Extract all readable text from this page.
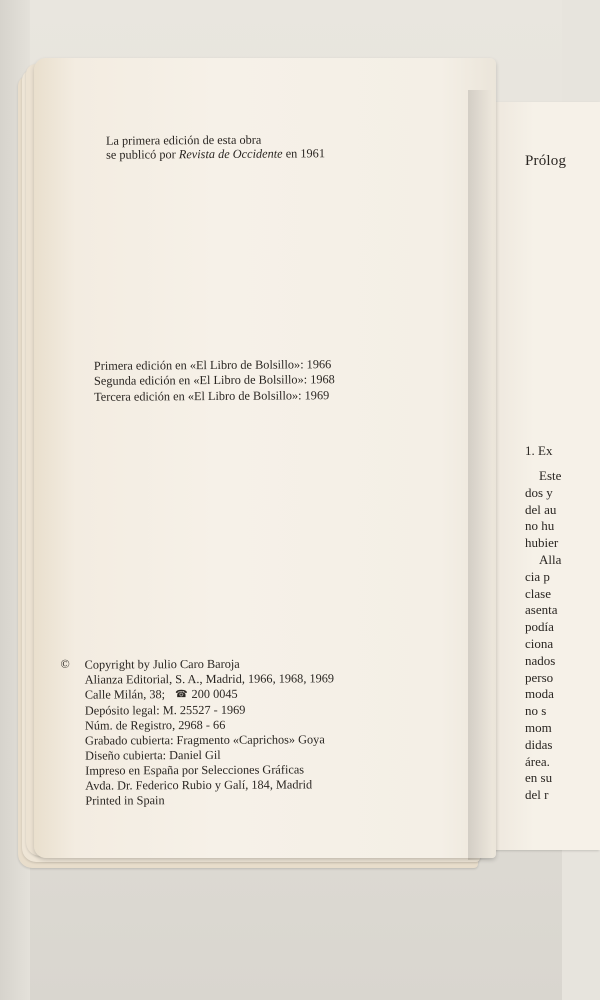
Prólog
1. Ex
Este
dos y
del au
no hu
hubier
Alla
cia p
clase
asenta
podía
ciona
nados
perso
moda
no s
mom
didas
área.
en su
del r
La primera edición de esta obra
se publicó por Revista de Occidente en 1961
Primera edición en «El Libro de Bolsillo»: 1966
Segunda edición en «El Libro de Bolsillo»: 1968
Tercera edición en «El Libro de Bolsillo»: 1969
©	Copyright by Julio Caro Baroja
Alianza Editorial, S. A., Madrid, 1966, 1968, 1969
Calle Milán, 38; ☎ 200 0045
Depósito legal: M. 25527 - 1969
Núm. de Registro, 2968 - 66
Grabado cubierta: Fragmento «Caprichos» Goya
Diseño cubierta: Daniel Gil
Impreso en España por Selecciones Gráficas
Avda. Dr. Federico Rubio y Galí, 184, Madrid
Printed in Spain
